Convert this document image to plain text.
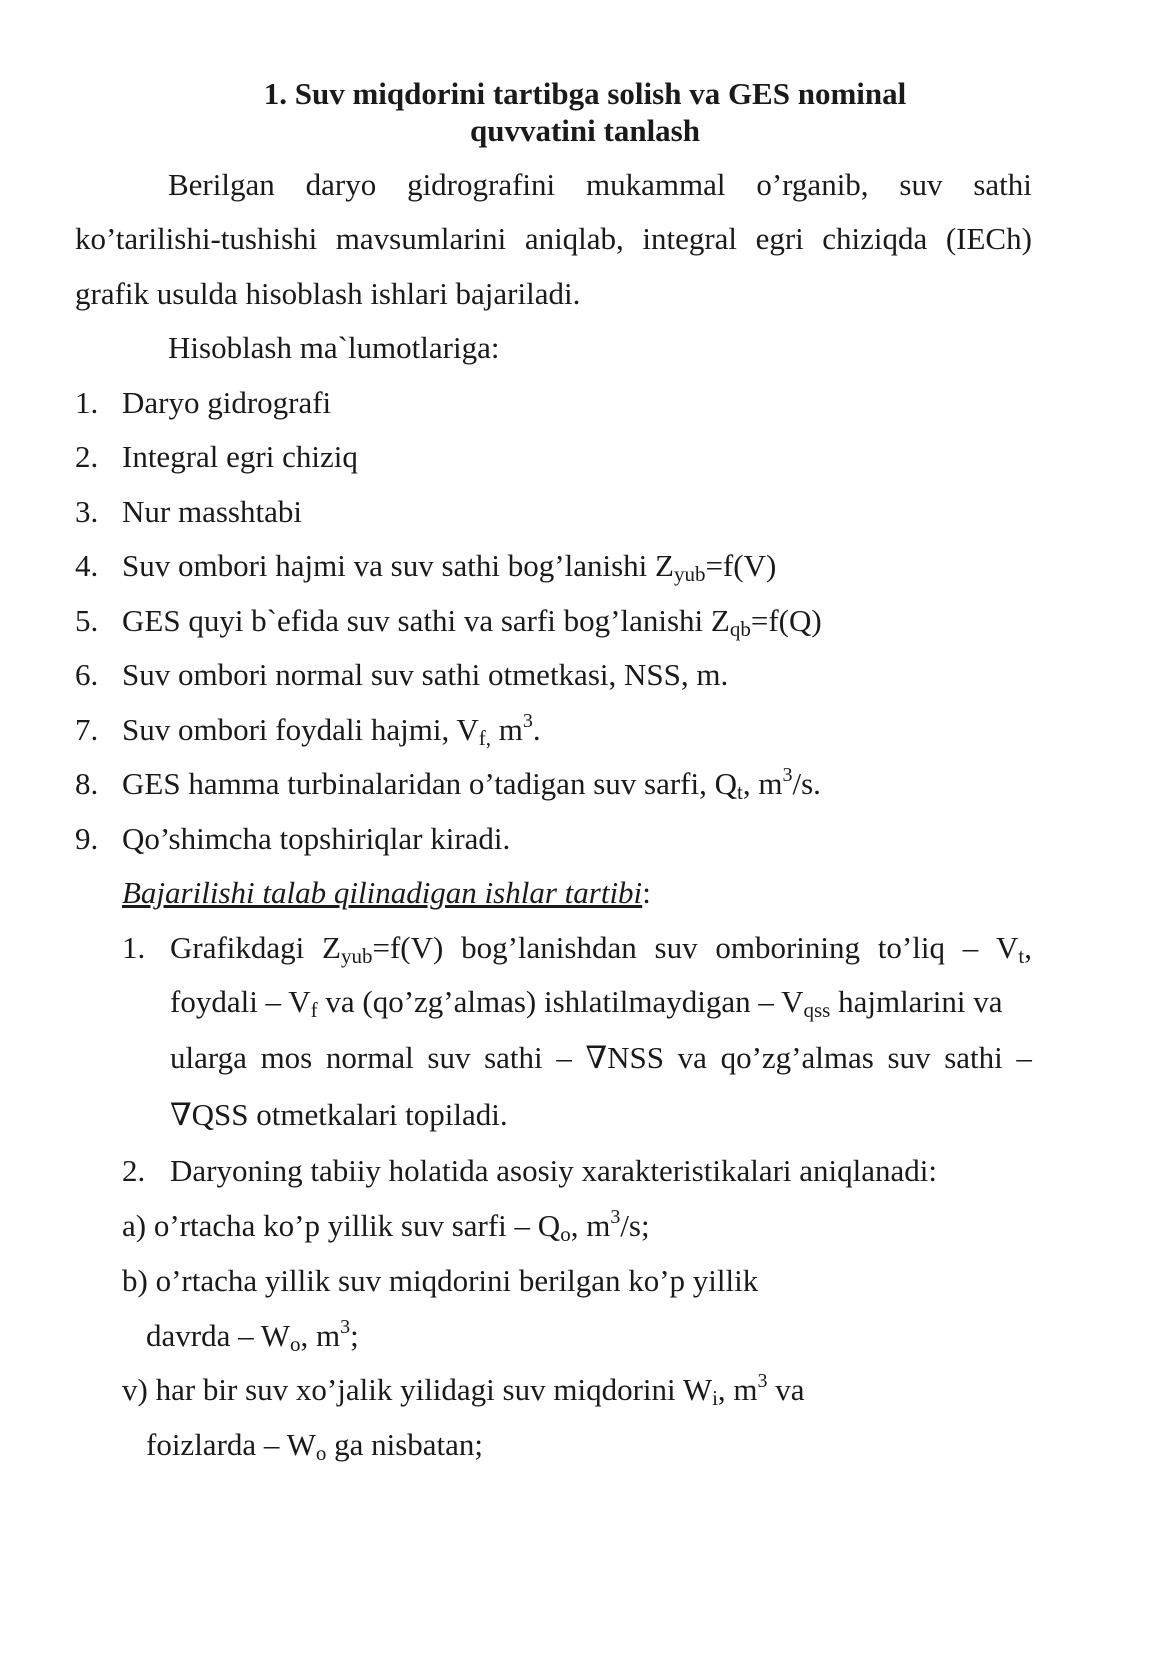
1. Suv miqdorini tartibga solish va GES nominal
quvvatini tanlash
Berilgan daryo gidrografini mukammal o’rganib, suv sathi
ko’tarilishi-tushishi mavsumlarini aniqlab, integral egri chiziqda (IECh)
grafik usulda hisoblash ishlari bajariladi.
Hisoblash ma`lumotlariga:
1. Daryo gidrografi
2. Integral egri chiziq
3. Nur masshtabi
4. Suv ombori hajmi va suv sathi bog’lanishi $Z_{yub}=f(V)$
5. GES quyi b`efida suv sathi va sarfi bog’lanishi $Z_{qb}=f(Q)$
6. Suv ombori normal suv sathi otmetkasi, NSS, m.
7. Suv ombori foydali hajmi, $V_{f,}$ $m^3$.
8. GES hamma turbinalaridan o’tadigan suv sarfi, $Q_t$, $m^3/s$.
9. Qo’shimcha topshiriqlar kiradi.
Bajarilishi talab qilinadigan ishlar tartibi:
1. Grafikdagi $Z_{yub}=f(V)$ bog’lanishdan suv omborining to’liq – $V_t$,
foydali – $V_f$ va (qo’zg’almas) ishlatilmaydigan – $V_{qss}$ hajmlarini va
ularga mos normal suv sathi – ∇NSS va qo’zg’almas suv sathi –
∇QSS otmetkalari topiladi.
2. Daryoning tabiiy holatida asosiy xarakteristikalari aniqlanadi:
a) o’rtacha ko’p yillik suv sarfi – $Q_o$, $m^3/s$;
b) o’rtacha yillik suv miqdorini berilgan ko’p yillik
davrda – $W_o$, $m^3$;
v) har bir suv xo’jalik yilidagi suv miqdorini $W_i$, $m^3$ va
foizlarda – $W_o$ ga nisbatan;
